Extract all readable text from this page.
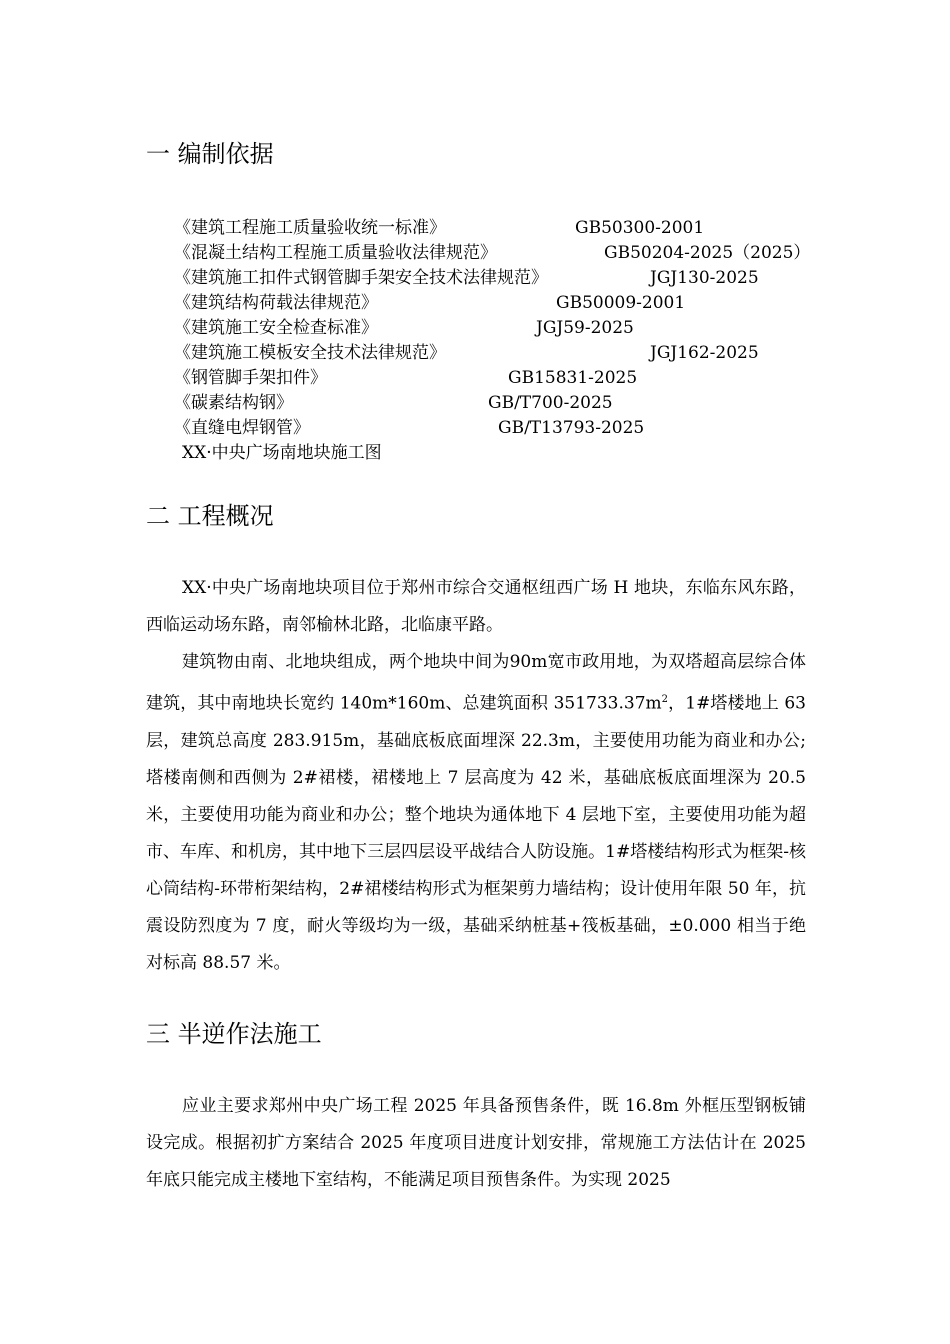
一 编制依据
《建筑工程施工质量验收统一标准》	GB50300-2001
《混凝土结构工程施工质量验收法律规范》	GB50204-2025（2025）
《建筑施工扣件式钢管脚手架安全技术法律规范》	JGJ130-2025
《建筑结构荷载法律规范》	GB50009-2001
《建筑施工安全检查标准》	JGJ59-2025
《建筑施工模板安全技术法律规范》	JGJ162-2025
《钢管脚手架扣件》	GB15831-2025
《碳素结构钢》	GB/T700-2025
《直缝电焊钢管》	GB/T13793-2025
XX·中央广场南地块施工图
二 工程概况

XX·中央广场南地块项目位于郑州市综合交通枢纽西广场 H 地块，东临东风东路，西临运动场东路，南邻榆林北路，北临康平路。

建筑物由南、北地块组成，两个地块中间为90m宽市政用地，为双塔超高层综合体建筑，其中南地块长宽约 140m*160m、总建筑面积 $351733.37m^2$，1#塔楼地上 63 层，建筑总高度 283.915m，基础底板底面埋深 22.3m，主要使用功能为商业和办公;塔楼南侧和西侧为 2#裙楼，裙楼地上 7 层高度为 42 米，基础底板底面埋深为 20.5 米，主要使用功能为商业和办公；整个地块为通体地下 4 层地下室，主要使用功能为超市、车库、和机房，其中地下三层四层设平战结合人防设施。1#塔楼结构形式为框架-核心筒结构-环带桁架结构，2#裙楼结构形式为框架剪力墙结构；设计使用年限 50 年，抗震设防烈度为 7 度，耐火等级均为一级，基础采纳桩基+筏板基础，±0.000 相当于绝对标高 88.57 米。

三 半逆作法施工

应业主要求郑州中央广场工程 2025 年具备预售条件，既 16.8m 外框压型钢板铺设完成。根据初扩方案结合 2025 年度项目进度计划安排，常规施工方法估计在 2025 年底只能完成主楼地下室结构，不能满足项目预售条件。为实现 2025
